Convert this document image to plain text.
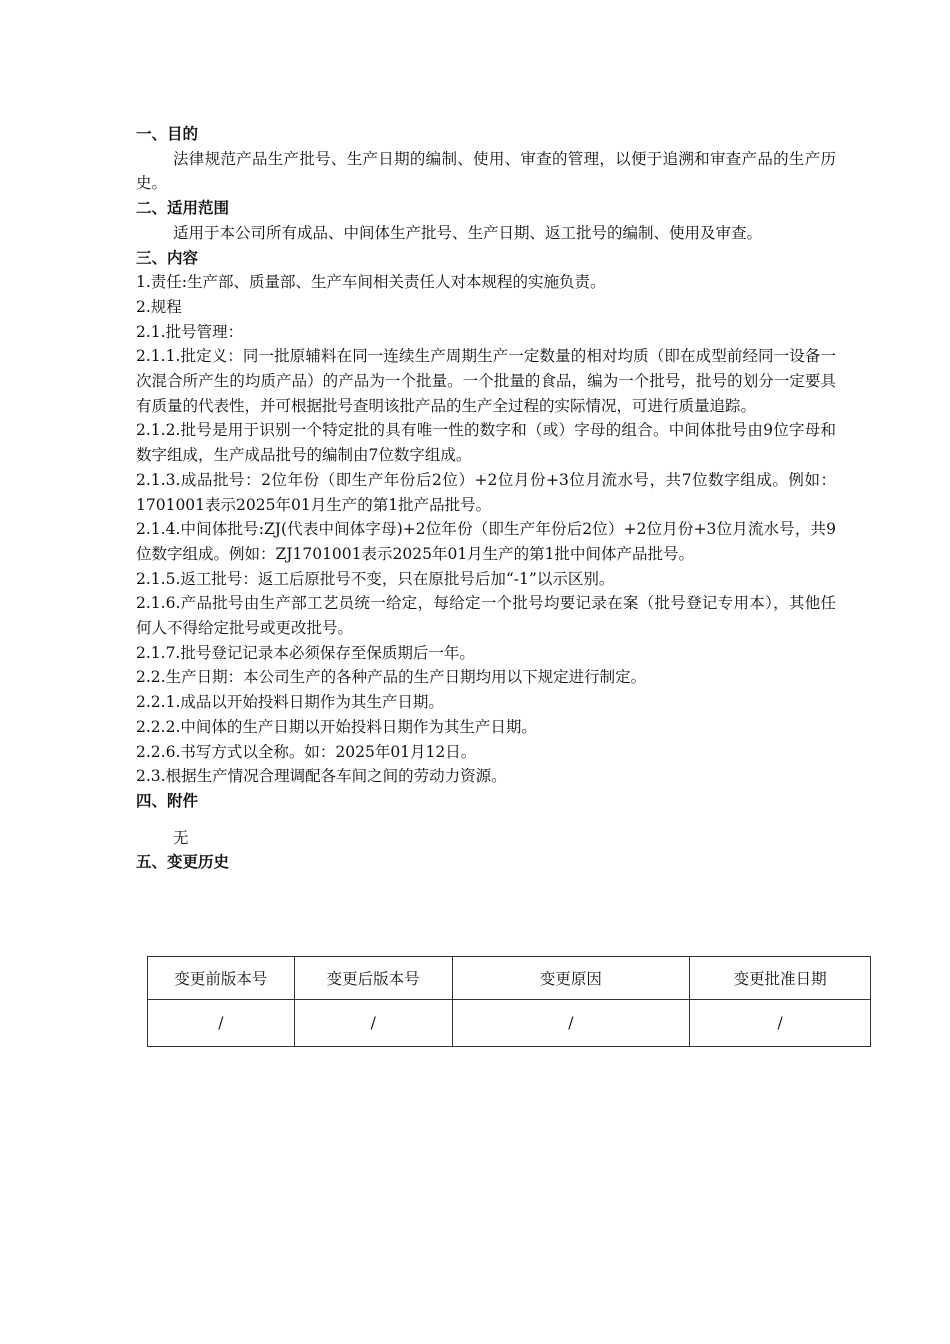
一、目的

法律规范产品生产批号、生产日期的编制、使用、审查的管理，以便于追溯和审查产品的生产历史。

二、适用范围

适用于本公司所有成品、中间体生产批号、生产日期、返工批号的编制、使用及审查。

三、内容

1.责任:生产部、质量部、生产车间相关责任人对本规程的实施负责。

2.规程

2.1.批号管理：

2.1.1.批定义：同一批原辅料在同一连续生产周期生产一定数量的相对均质（即在成型前经同一设备一次混合所产生的均质产品）的产品为一个批量。一个批量的食品，编为一个批号，批号的划分一定要具有质量的代表性，并可根据批号查明该批产品的生产全过程的实际情况，可进行质量追踪。

2.1.2.批号是用于识别一个特定批的具有唯一性的数字和（或）字母的组合。中间体批号由9位字母和数字组成，生产成品批号的编制由7位数字组成。

2.1.3.成品批号：2位年份（即生产年份后2位）+2位月份+3位月流水号，共7位数字组成。例如：1701001表示2025年01月生产的第1批产品批号。

2.1.4.中间体批号:ZJ(代表中间体字母)+2位年份（即生产年份后2位）+2位月份+3位月流水号，共9位数字组成。例如：ZJ1701001表示2025年01月生产的第1批中间体产品批号。

2.1.5.返工批号：返工后原批号不变，只在原批号后加“-1”以示区别。

2.1.6.产品批号由生产部工艺员统一给定，每给定一个批号均要记录在案（批号登记专用本），其他任何人不得给定批号或更改批号。

2.1.7.批号登记记录本必须保存至保质期后一年。

2.2.生产日期：本公司生产的各种产品的生产日期均用以下规定进行制定。

2.2.1.成品以开始投料日期作为其生产日期。

2.2.2.中间体的生产日期以开始投料日期作为其生产日期。

2.2.6.书写方式以全称。如：2025年01月12日。

2.3.根据生产情况合理调配各车间之间的劳动力资源。

四、附件

无

五、变更历史
变更前版本号	变更后版本号	变更原因	变更批准日期
/	/	/	/
